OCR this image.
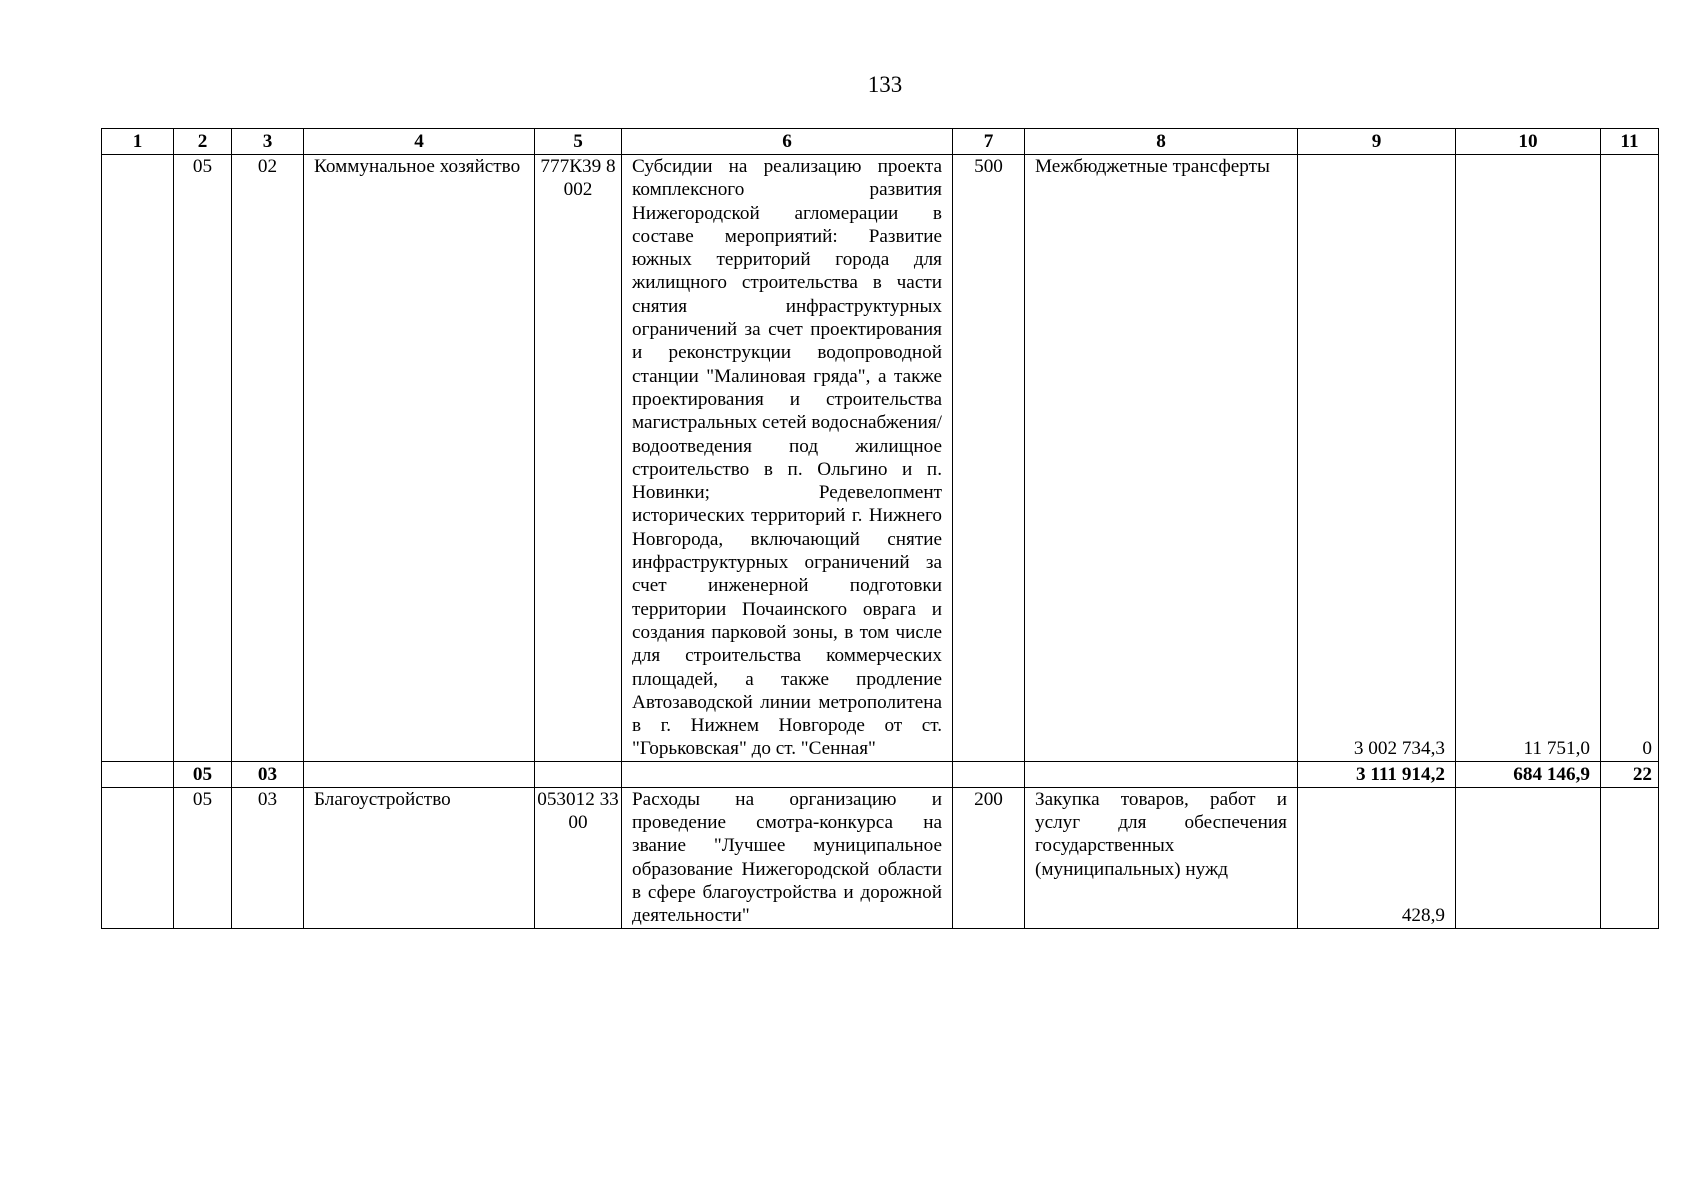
133
1	2	3	4	5	6	7	8	9	10	11
	05	02	Коммунальное хозяйство	777К39 8002	Субсидии на реализацию проекта комплексного развития Нижегородской агломерации в составе мероприятий: Развитие южных территорий города для жилищного строительства в части снятия инфраструктурных ограничений за счет проектирования и реконструкции водопроводной станции "Малиновая гряда", а также проектирования и строительства магистральных сетей водоснабжения/водоотведения под жилищное строительство в п. Ольгино и п. Новинки; Редевелопмент исторических территорий г. Нижнего Новгорода, включающий снятие инфраструктурных ограничений за счет инженерной подготовки территории Почаинского оврага и создания парковой зоны, в том числе для строительства коммерческих площадей, а также продление Автозаводской линии метрополитена в г. Нижнем Новгороде от ст. "Горьковская" до ст. "Сенная"	500	Межбюджетные трансферты	3 002 734,3	11 751,0	0
	05	03						3 111 914,2	684 146,9	22
	05	03	Благоустройство	053012 3300	Расходы на организацию и проведение смотра-конкурса на звание "Лучшее муниципальное образование Нижегородской области в сфере благоустройства и дорожной деятельности"	200	Закупка товаров, работ и услуг для обеспечения государственных (муниципальных) нужд	428,9		
